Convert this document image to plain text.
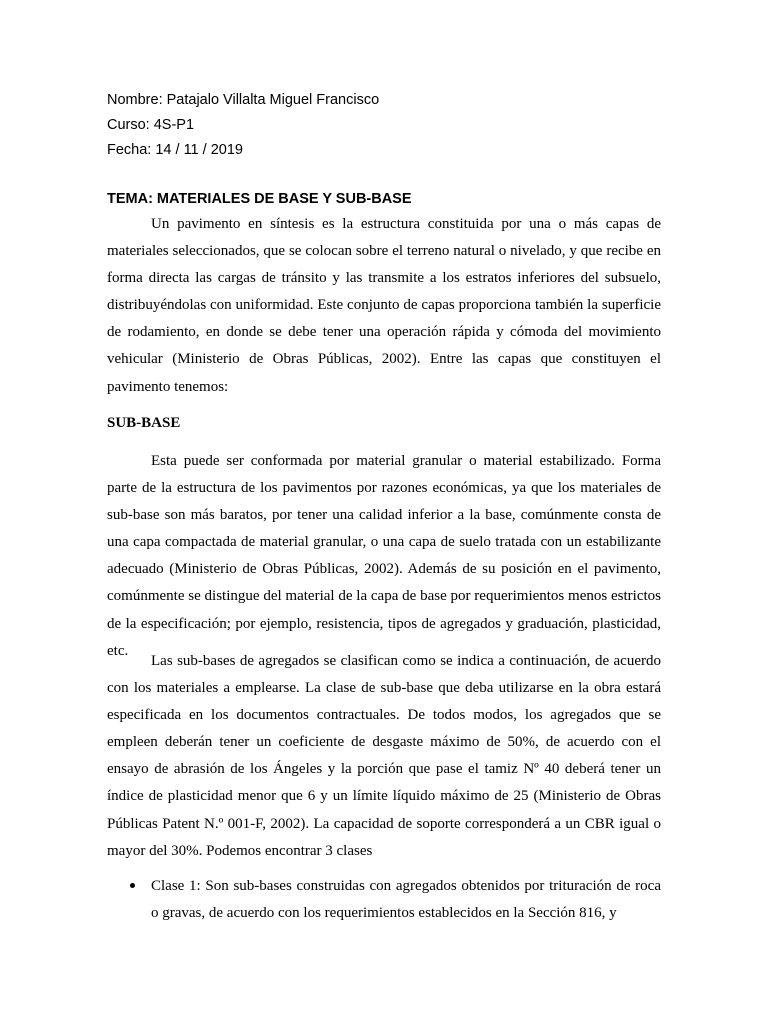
Nombre: Patajalo Villalta Miguel Francisco
Curso: 4S-P1
Fecha: 14 / 11 / 2019
TEMA: MATERIALES DE BASE Y SUB-BASE

Un pavimento en síntesis es la estructura constituida por una o más capas de materiales seleccionados, que se colocan sobre el terreno natural o nivelado, y que recibe en forma directa las cargas de tránsito y las transmite a los estratos inferiores del subsuelo, distribuyéndolas con uniformidad. Este conjunto de capas proporciona también la superficie de rodamiento, en donde se debe tener una operación rápida y cómoda del movimiento vehicular (Ministerio de Obras Públicas, 2002). Entre las capas que constituyen el pavimento tenemos:

SUB-BASE

Esta puede ser conformada por material granular o material estabilizado. Forma parte de la estructura de los pavimentos por razones económicas, ya que los materiales de sub-base son más baratos, por tener una calidad inferior a la base, comúnmente consta de una capa compactada de material granular, o una capa de suelo tratada con un estabilizante adecuado (Ministerio de Obras Públicas, 2002). Además de su posición en el pavimento, comúnmente se distingue del material de la capa de base por requerimientos menos estrictos de la especificación; por ejemplo, resistencia, tipos de agregados y graduación, plasticidad, etc.

Las sub-bases de agregados se clasifican como se indica a continuación, de acuerdo con los materiales a emplearse. La clase de sub-base que deba utilizarse en la obra estará especificada en los documentos contractuales. De todos modos, los agregados que se empleen deberán tener un coeficiente de desgaste máximo de 50%, de acuerdo con el ensayo de abrasión de los Ángeles y la porción que pase el tamiz Nº 40 deberá tener un índice de plasticidad menor que 6 y un límite líquido máximo de 25 (Ministerio de Obras Públicas Patent N.º 001-F, 2002). La capacidad de soporte corresponderá a un CBR igual o mayor del 30%. Podemos encontrar 3 clases

Clase 1: Son sub-bases construidas con agregados obtenidos por trituración de roca o gravas, de acuerdo con los requerimientos establecidos en la Sección 816, y
